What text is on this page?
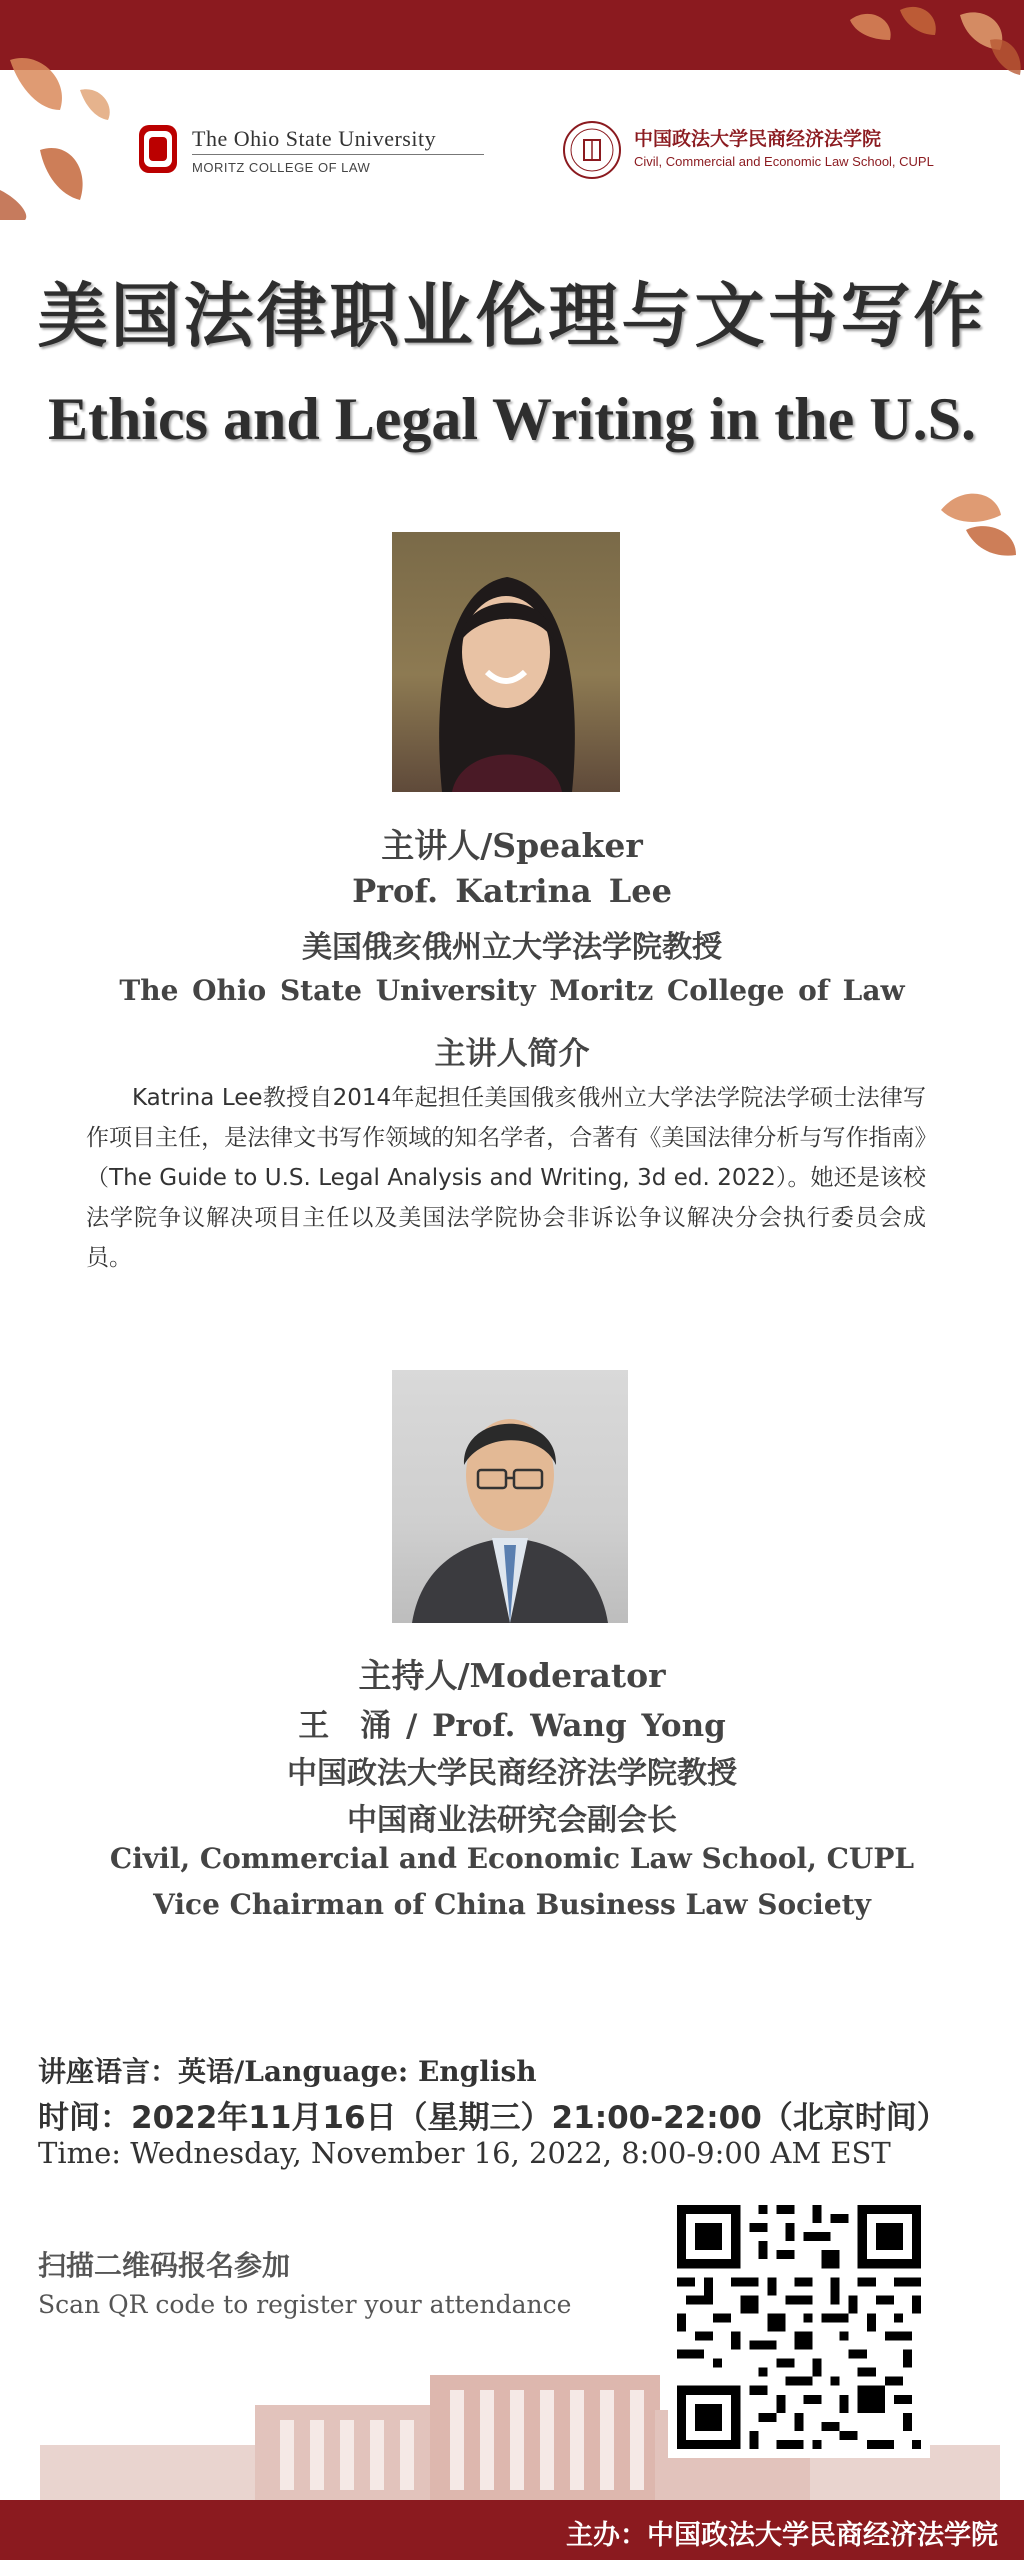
The Ohio State University
MORITZ COLLEGE OF LAW
中国政法大学民商经济法学院
Civil, Commercial and Economic Law School, CUPL
美国法律职业伦理与文书写作
Ethics and Legal Writing in the U.S.
主讲人/Speaker
Prof. Katrina Lee
美国俄亥俄州立大学法学院教授
The Ohio State University Moritz College of Law
主讲人简介
Katrina Lee教授自2014年起担任美国俄亥俄州立大学法学院法学硕士法律写作项目主任，是法律文书写作领域的知名学者，合著有《美国法律分析与写作指南》（The Guide to U.S. Legal Analysis and Writing, 3d ed. 2022）。她还是该校法学院争议解决项目主任以及美国法学院协会非诉讼争议解决分会执行委员会成员。
主持人/Moderator
王　涌 / Prof. Wang Yong
中国政法大学民商经济法学院教授
中国商业法研究会副会长
Civil, Commercial and Economic Law School, CUPL
Vice Chairman of China Business Law Society
讲座语言：英语/Language: English
时间：2022年11月16日（星期三）21:00-22:00（北京时间）
Time: Wednesday, November 16, 2022, 8:00-9:00 AM EST
扫描二维码报名参加
Scan QR code to register your attendance
主办：中国政法大学民商经济法学院
